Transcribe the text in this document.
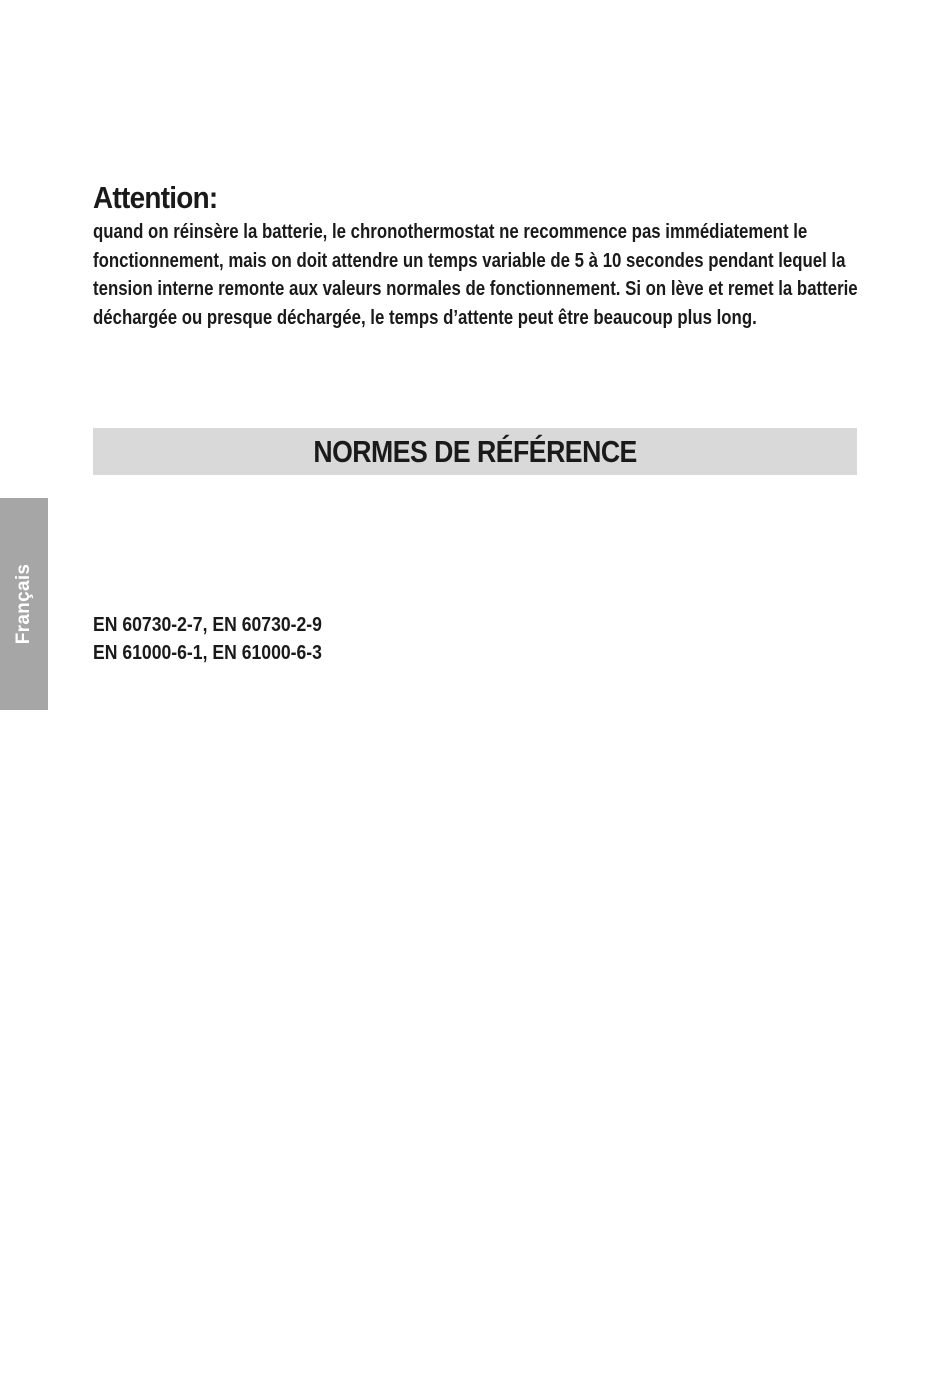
Français
Attention:

quand on réinsère la batterie, le chronothermostat ne recommence pas immédiatement le fonctionnement, mais on doit attendre un temps variable de 5 à 10 secondes pendant lequel la tension interne remonte aux valeurs normales de fonctionnement. Si on lève et remet la batterie déchargée ou presque déchargée, le temps d’attente peut être beaucoup plus long.

NORMES DE RÉFÉRENCE
EN 60730-2-7, EN 60730-2-9
EN 61000-6-1, EN 61000-6-3
